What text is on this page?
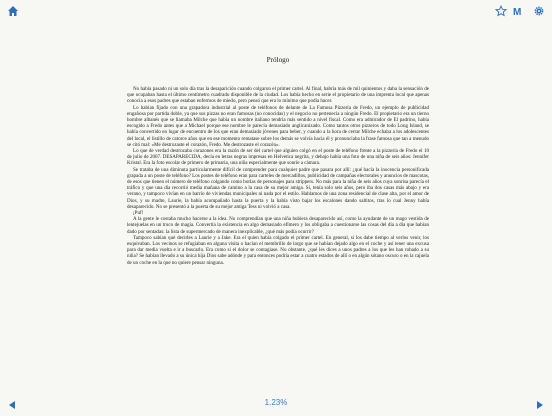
M
Prólogo

No había pasado ni un solo día tras la desaparición cuando colgaron el primer cartel. Al final, habría más de mil quinientos y daba la sensación de que ocupaban hasta el último centímetro cuadrado disponible de la ciudad. Los había hecho en serie el propietario de una imprenta local que apenas conocía a esos padres que estaban enfermos de miedo, pero pensó que era lo mínimo que podía hacer.

Lo habían fijado con una grapadora industrial al poste de teléfonos de delante de La Famosa Pizzería de Fredo, un ejemplo de publicidad engañosa por partida doble, ya que sus pizzas no eran famosas (no conocidas) y el negocio no pertenecía a ningún Fredo. El propietario era un tierno hombre albanés que se llamaba Milche que había un nombre italiano tendría más sentido a nivel fiscal. Como era admirador de El padrino, había escogido a Fredo antes que a Michael porque ese nombre le parecía demasiado anglicanizado. Como tantos otros pizzeros de todo Long Island, se había convertido en lugar de encuentro de los que eran demasiado jóvenes para beber, y cuando a la hora de cerrar Milche echaba a los adolescentes del local, el listillo de catorce años que en ese momento rematase sobre los demás se volvía hacia él y pronunciaba la frase famosa que tan a menudo se citó mal: «Me destrozaste el corazón, Fredo. Me destrozaste el corazón».

Lo que de verdad destrozaba corazones era la razón de ser del cartel que alguien colgó en el poste de teléfono frente a la pizzería de Fredo el 10 de julio de 2007. DESAPARECIDA, decía en letras negras impresas en Helvetica negrita, y debajo había una foto de una niña de seis años: Jennifer Kristal. Era la foto escolar de primero de primaria, una niña especialmente que sonríe a cámara.

Se trataba de una diminuta particularmente difícil de comprender para cualquier padre que pasara por allí: ¿qué hacía la inocencia personificada grapada a un poste de teléfono? Los postes de teléfono eran para carteles de mercadillos, publicidad de campañas electorales y anuncios de mascotas, de esos que tienen el número de teléfono colgando como borlas de personajes para strippers. No más para la niña de seis años cuya sonrisa parecía el tráfico y que una día recorrió media mañana de camino a la casa de su mejor amiga. Sí, tenía solo seis años, pero iba dos casas más abajo y era verano, y tampoco vivían en un barrio de viviendas municipales ni nada por el estilo. Hablamos de una zona residencial de clase alta, por el amor de Dios, y su madre, Laurie, la había acompañado hasta la puerta y la había visto bajar los escalones dando saltitos, tras lo cual Jenny había desaparecido. No se presentó a la puerta de su mejor amiga Tess ni volvió a casa.

¡Puf!

A la gente le costaba mucho hacerse a la idea. No comprendían que una niña hubiera desaparecido así, como la ayudante de un mago vestida de lentejuelas en un truco de magia. Convertía la existencia en algo demasiado efímero y los obligaba a cuestionarse las cosas del día a día que habían dado por sentadas: la lista de supermercado de manera inexplicable, ¿qué más podía ocurrir?

Tampoco sabían qué decirles a Laurie y a Jake. Era el quien había colgado el primer cartel. En general, si los dabe tiempo al verlos venir, los esquivaban. Los vecinos se refugiaban en alguna visita o hacían el membrillo de largo que se habían dejado algo en el coche y así tener una excusa para dar media vuelta e ir a buscarlo. Era como si el dolor se contagiase. No obstante, ¿qué les dices a unos padres a los que les han robado a su niña? Se habían llevado a su única hija Dios sabe adónde y para entonces podría estar a cuatro estados de allí o en algún sótano oscuro o en la cajuela de un coche en la que no quiere pensar ninguna.

1.23%
